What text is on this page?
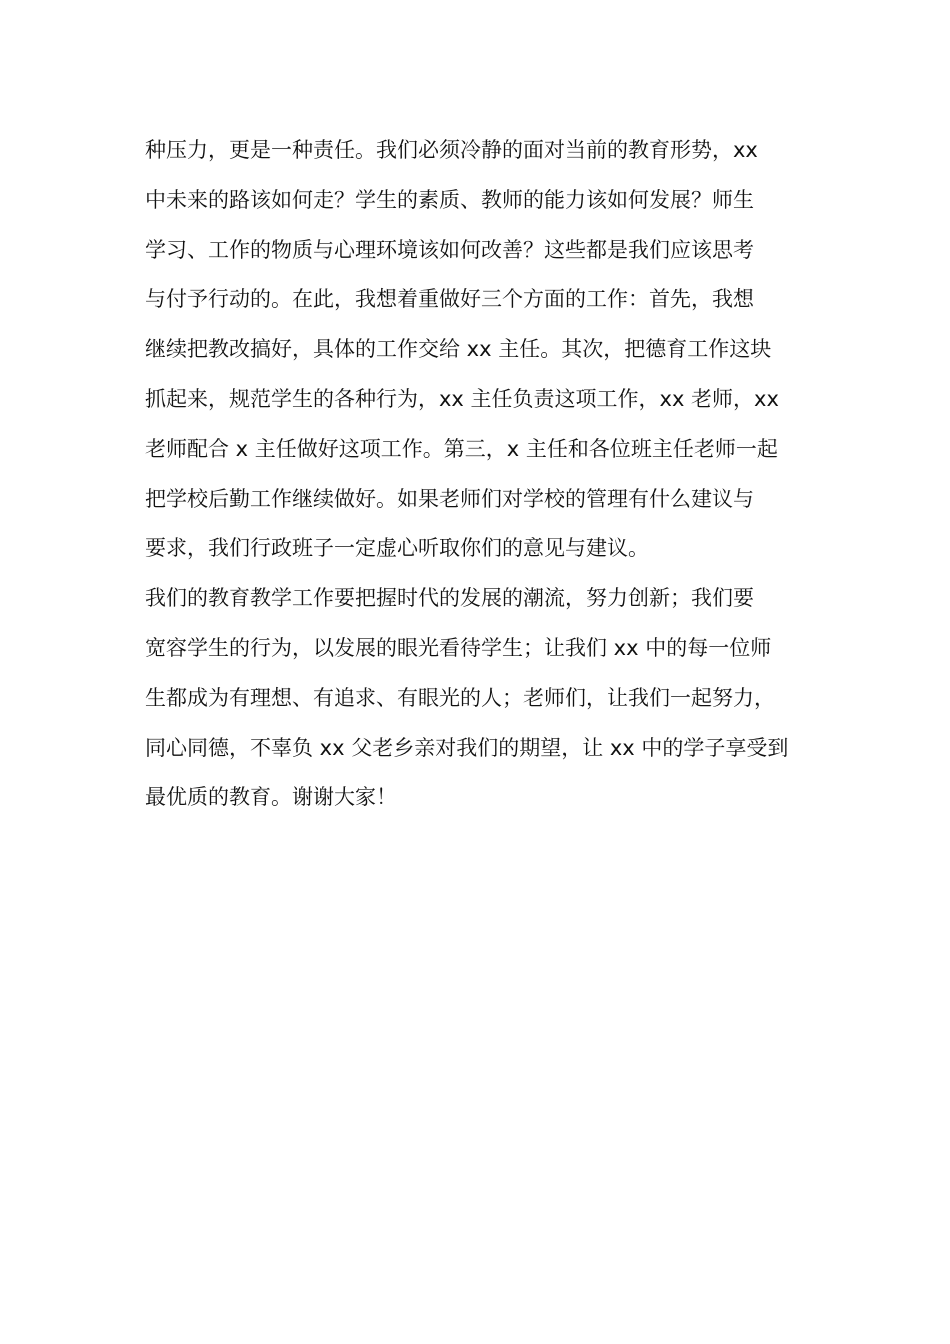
种压力，更是一种责任。我们必须冷静的面对当前的教育形势，xx
中未来的路该如何走？学生的素质、教师的能力该如何发展？师生
学习、工作的物质与心理环境该如何改善？这些都是我们应该思考
与付予行动的。在此，我想着重做好三个方面的工作：首先，我想
继续把教改搞好，具体的工作交给 xx 主任。其次，把德育工作这块
抓起来，规范学生的各种行为，xx 主任负责这项工作，xx 老师，xx
老师配合 x 主任做好这项工作。第三，x 主任和各位班主任老师一起
把学校后勤工作继续做好。如果老师们对学校的管理有什么建议与
要求，我们行政班子一定虚心听取你们的意见与建议。
我们的教育教学工作要把握时代的发展的潮流，努力创新；我们要
宽容学生的行为，以发展的眼光看待学生；让我们 xx 中的每一位师
生都成为有理想、有追求、有眼光的人；老师们，让我们一起努力，
同心同德，不辜负 xx 父老乡亲对我们的期望，让 xx 中的学子享受到
最优质的教育。谢谢大家！
